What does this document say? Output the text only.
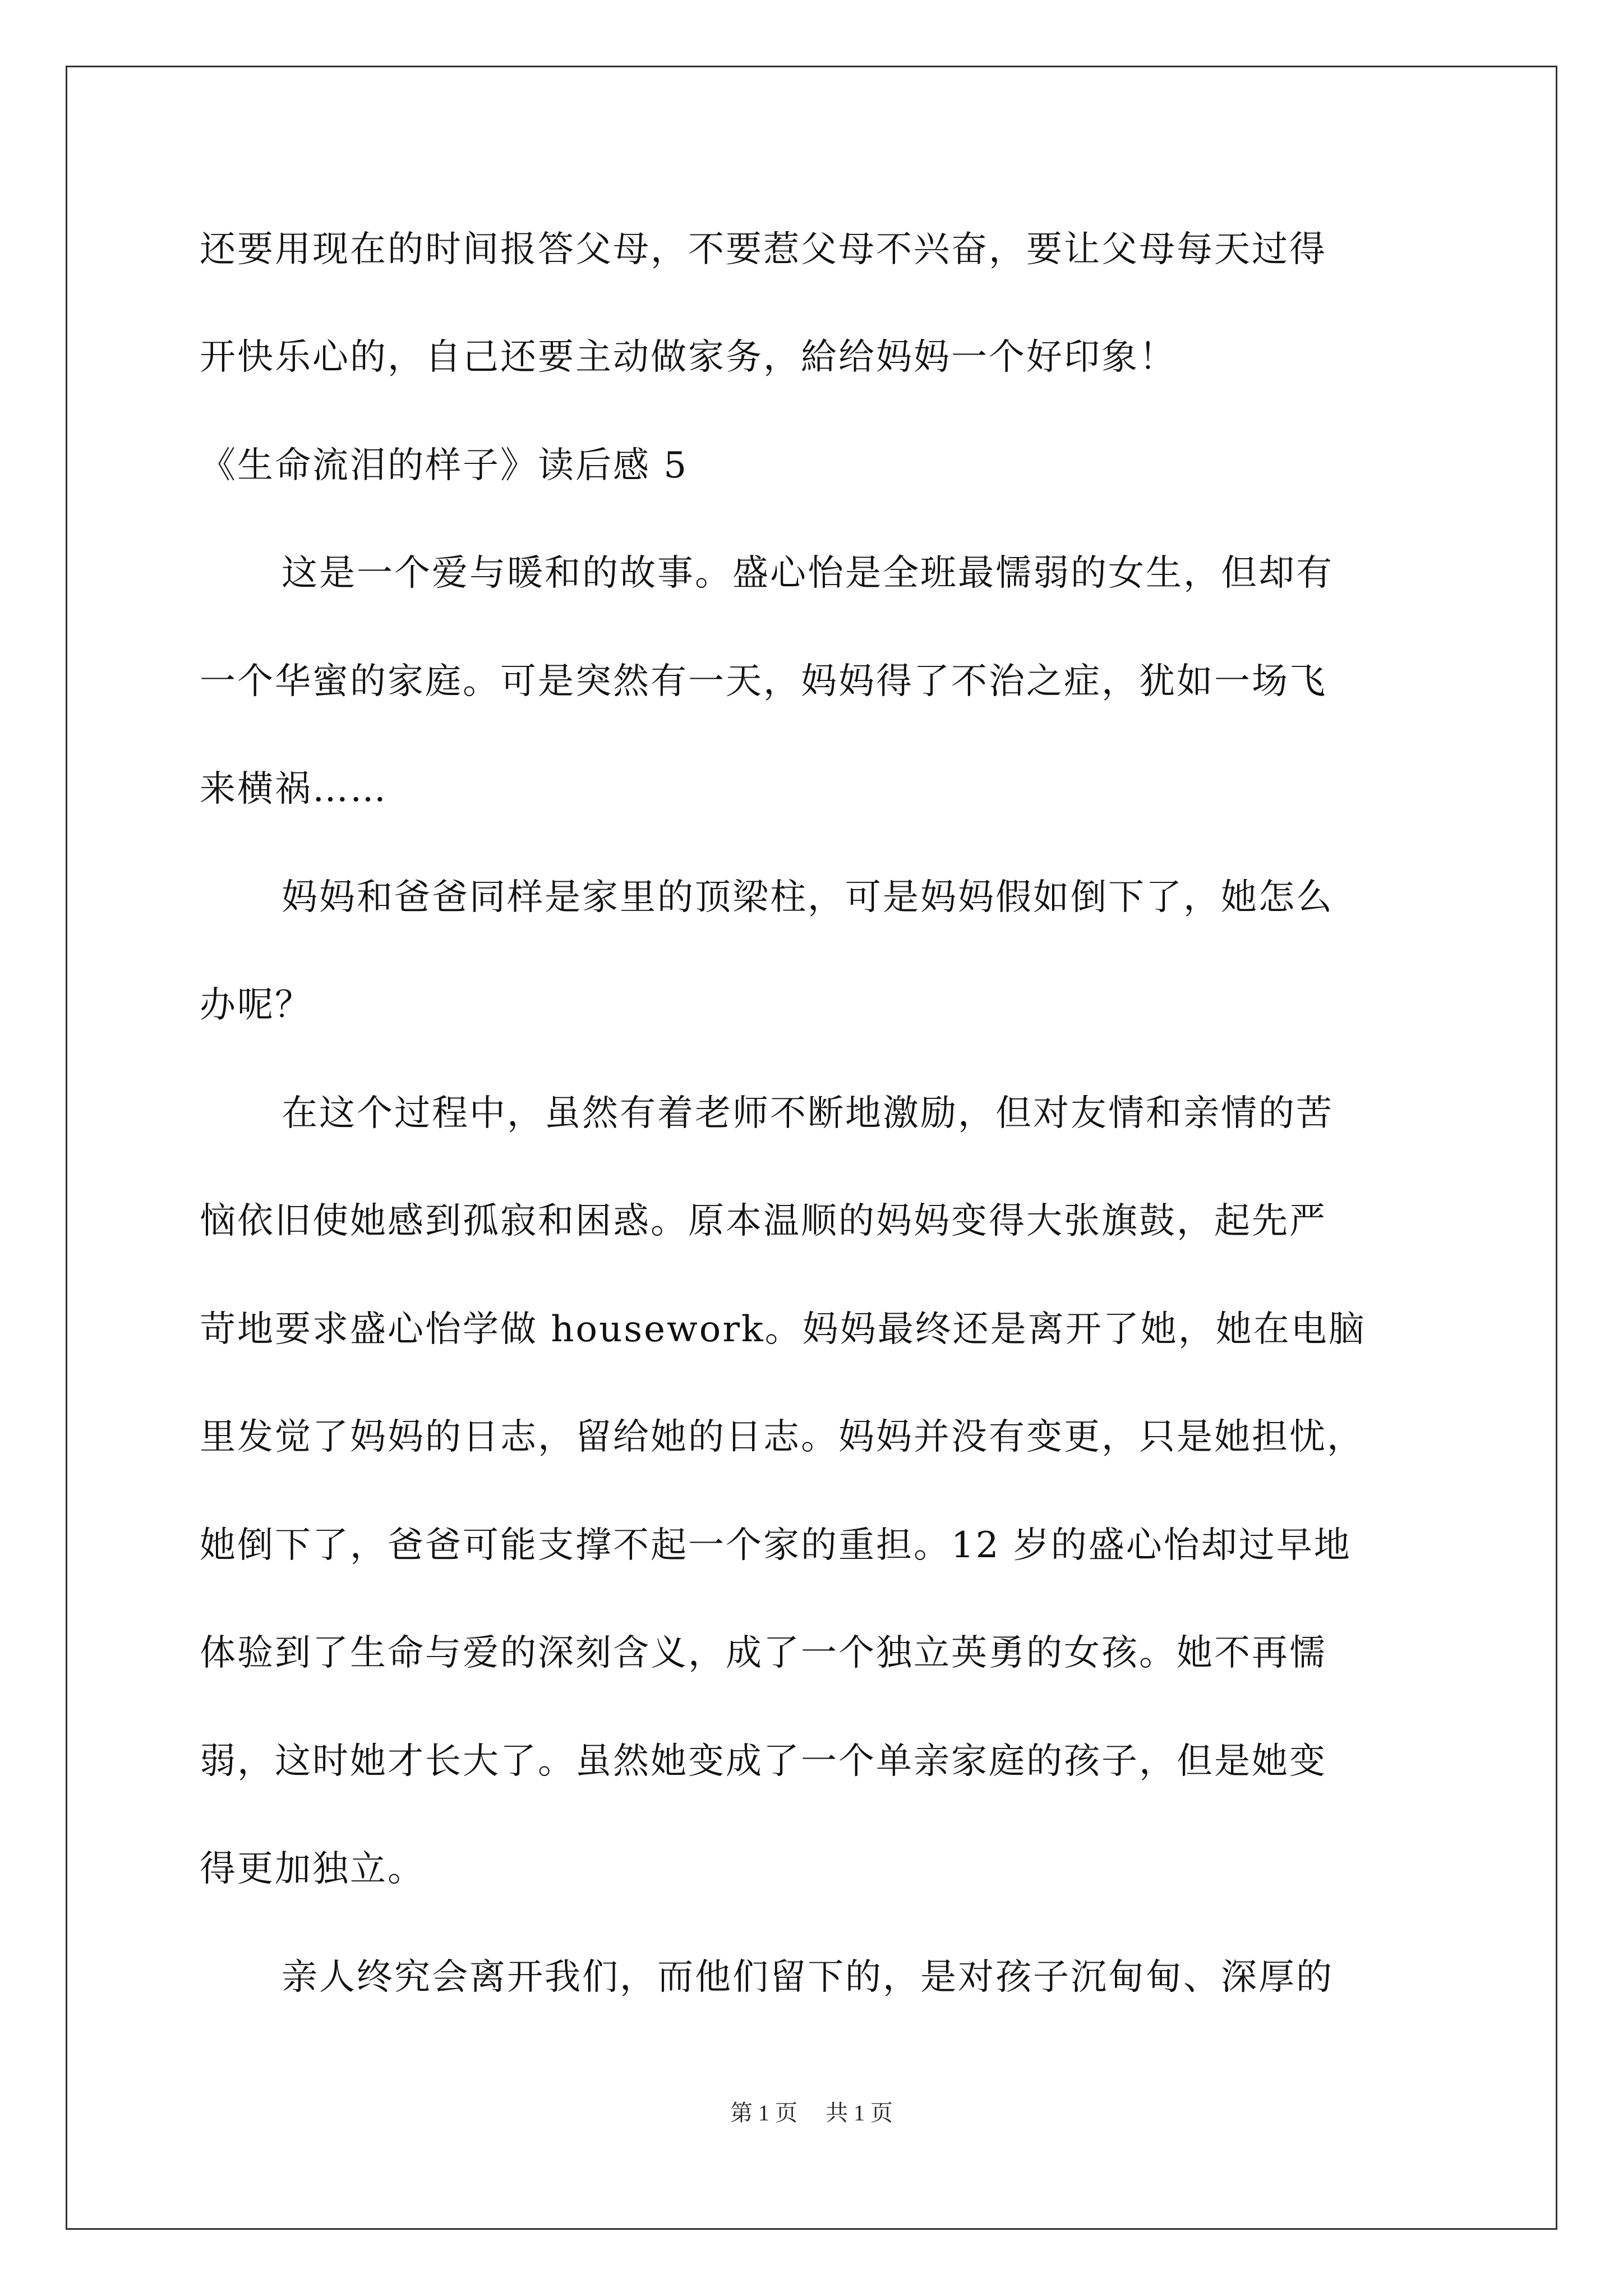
还要用现在的时间报答父母，不要惹父母不兴奋，要让父母每天过得
开快乐心的，自己还要主动做家务，給给妈妈一个好印象！
《生命流泪的样子》读后感 5
这是一个爱与暖和的故事。盛心怡是全班最懦弱的女生，但却有
一个华蜜的家庭。可是突然有一天，妈妈得了不治之症，犹如一场飞
来横祸……
妈妈和爸爸同样是家里的顶梁柱，可是妈妈假如倒下了，她怎么
办呢？
在这个过程中，虽然有着老师不断地激励，但对友情和亲情的苦
恼依旧使她感到孤寂和困惑。原本温顺的妈妈变得大张旗鼓，起先严
苛地要求盛心怡学做 housework。妈妈最终还是离开了她，她在电脑
里发觉了妈妈的日志，留给她的日志。妈妈并没有变更，只是她担忧，
她倒下了，爸爸可能支撑不起一个家的重担。12 岁的盛心怡却过早地
体验到了生命与爱的深刻含义，成了一个独立英勇的女孩。她不再懦
弱，这时她才长大了。虽然她变成了一个单亲家庭的孩子，但是她变
得更加独立。
亲人终究会离开我们，而他们留下的，是对孩子沉甸甸、深厚的
第 1 页 共 1 页
